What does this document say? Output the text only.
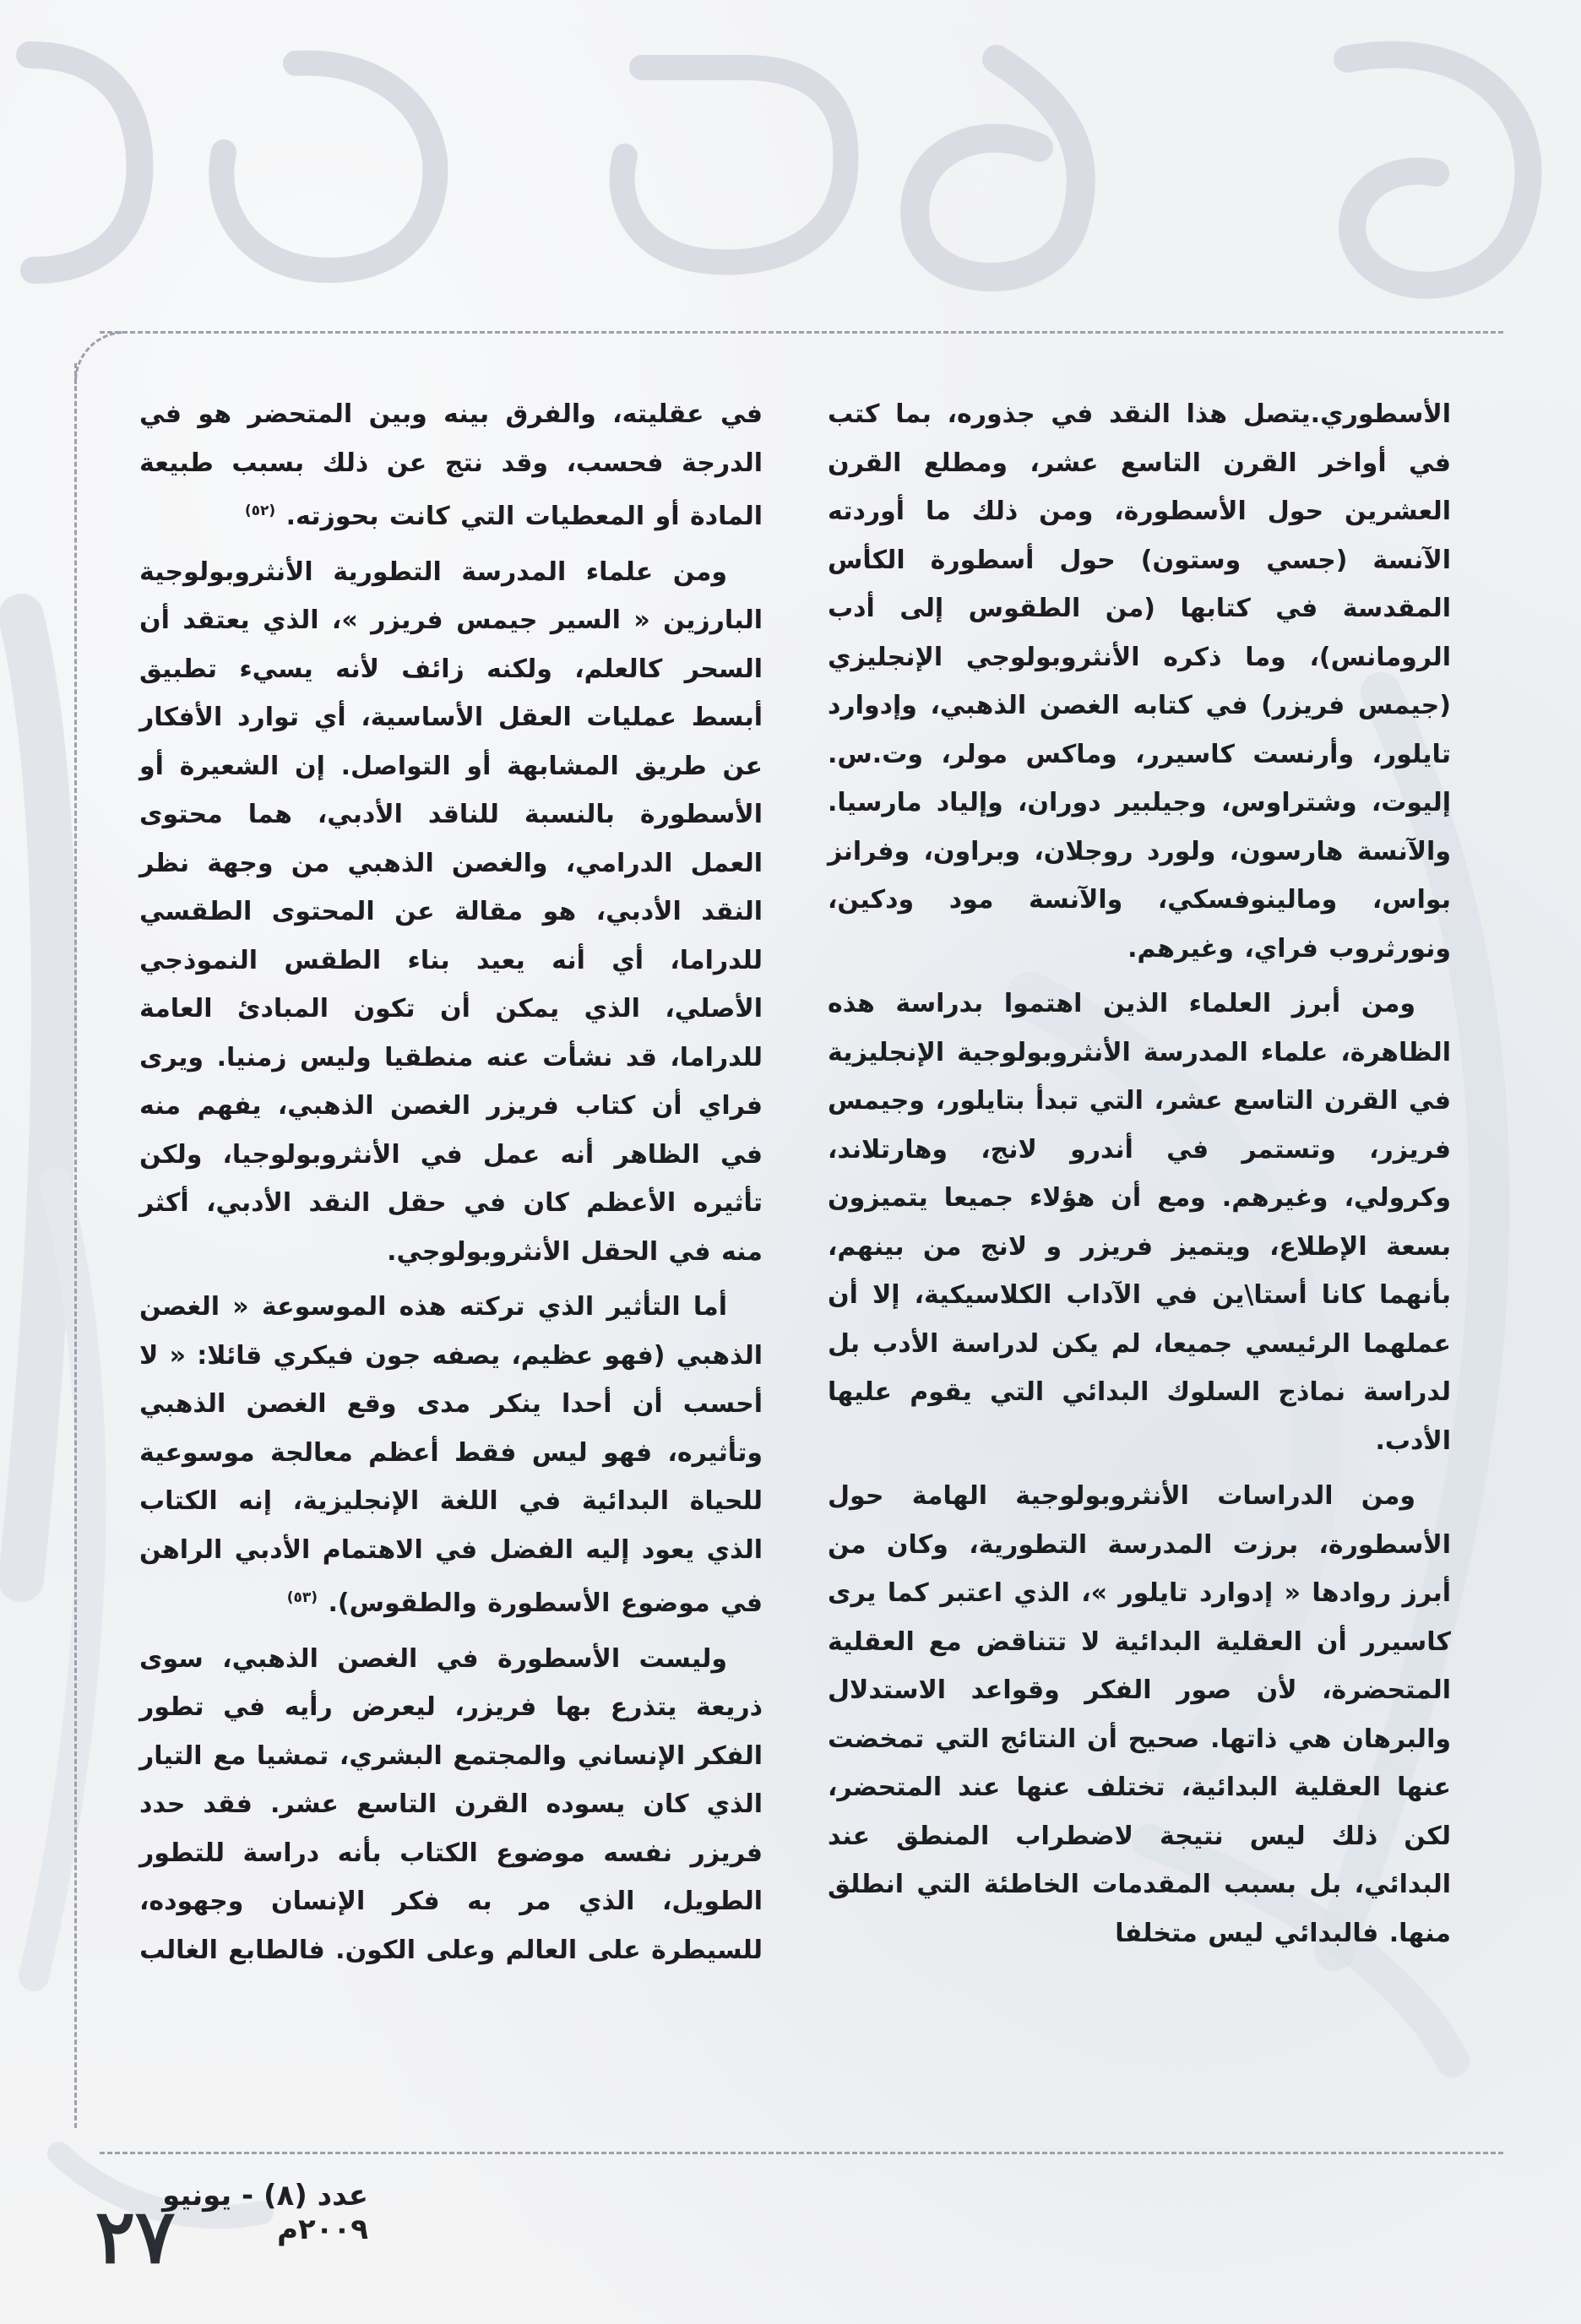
الأسطوري.يتصل هذا النقد في جذوره، بما كتب في أواخر القرن التاسع عشر، ومطلع القرن العشرين حول الأسطورة، ومن ذلك ما أوردته الآنسة (جسي وستون) حول أسطورة الكأس المقدسة في كتابها (من الطقوس إلى أدب الرومانس)، وما ذكره الأنثروبولوجي الإنجليزي (جيمس فريزر) في كتابه الغصن الذهبي، وإدوارد تايلور، وأرنست كاسيرر، وماكس مولر، وت.س. إليوت، وشتراوس، وجيلبير دوران، وإلياد مارسيا. والآنسة هارسون، ولورد روجلان، وبراون، وفرانز بواس، ومالينوفسكي، والآنسة مود ودكين، ونورثروب فراي، وغيرهم.

ومن أبرز العلماء الذين اهتموا بدراسة هذه الظاهرة، علماء المدرسة الأنثروبولوجية الإنجليزية في القرن التاسع عشر، التي تبدأ بتايلور، وجيمس فريزر، وتستمر في أندرو لانج، وهارتلاند، وكرولي، وغيرهم. ومع أن هؤلاء جميعا يتميزون بسعة الإطلاع، ويتميز فريزر و لانج من بينهم، بأنهما كانا أستا\ين في الآداب الكلاسيكية، إلا أن عملهما الرئيسي جميعا، لم يكن لدراسة الأدب بل لدراسة نماذج السلوك البدائي التي يقوم عليها الأدب.

ومن الدراسات الأنثروبولوجية الهامة حول الأسطورة، برزت المدرسة التطورية، وكان من أبرز روادها « إدوارد تايلور »، الذي اعتبر كما يرى كاسيرر أن العقلية البدائية لا تتناقض مع العقلية المتحضرة، لأن صور الفكر وقواعد الاستدلال والبرهان هي ذاتها. صحيح أن النتائج التي تمخضت عنها العقلية البدائية، تختلف عنها عند المتحضر، لكن ذلك ليس نتيجة لاضطراب المنطق عند البدائي، بل بسبب المقدمات الخاطئة التي انطلق منها. فالبدائي ليس متخلفا

في عقليته، والفرق بينه وبين المتحضر هو في الدرجة فحسب، وقد نتج عن ذلك بسبب طبيعة المادة أو المعطيات التي كانت بحوزته. $^{(٥٢)}$

ومن علماء المدرسة التطورية الأنثروبولوجية البارزين « السير جيمس فريزر »، الذي يعتقد أن السحر كالعلم، ولكنه زائف لأنه يسيء تطبيق أبسط عمليات العقل الأساسية، أي توارد الأفكار عن طريق المشابهة أو التواصل. إن الشعيرة أو الأسطورة بالنسبة للناقد الأدبي، هما محتوى العمل الدرامي، والغصن الذهبي من وجهة نظر النقد الأدبي، هو مقالة عن المحتوى الطقسي للدراما، أي أنه يعيد بناء الطقس النموذجي الأصلي، الذي يمكن أن تكون المبادئ العامة للدراما، قد نشأت عنه منطقيا وليس زمنيا. ويرى فراي أن كتاب فريزر الغصن الذهبي، يفهم منه في الظاهر أنه عمل في الأنثروبولوجيا، ولكن تأثيره الأعظم كان في حقل النقد الأدبي، أكثر منه في الحقل الأنثروبولوجي.

أما التأثير الذي تركته هذه الموسوعة « الغصن الذهبي (فهو عظيم، يصفه جون فيكري قائلا: « لا أحسب أن أحدا ينكر مدى وقع الغصن الذهبي وتأثيره، فهو ليس فقط أعظم معالجة موسوعية للحياة البدائية في اللغة الإنجليزية، إنه الكتاب الذي يعود إليه الفضل في الاهتمام الأدبي الراهن في موضوع الأسطورة والطقوس). $^{(٥٣)}$

وليست الأسطورة في الغصن الذهبي، سوى ذريعة يتذرع بها فريزر، ليعرض رأيه في تطور الفكر الإنساني والمجتمع البشري، تمشيا مع التيار الذي كان يسوده القرن التاسع عشر. فقد حدد فريزر نفسه موضوع الكتاب بأنه دراسة للتطور الطويل، الذي مر به فكر الإنسان وجهوده، للسيطرة على العالم وعلى الكون. فالطابع الغالب

عدد (٨) - يونيو ٢٠٠٩م
٢٧
